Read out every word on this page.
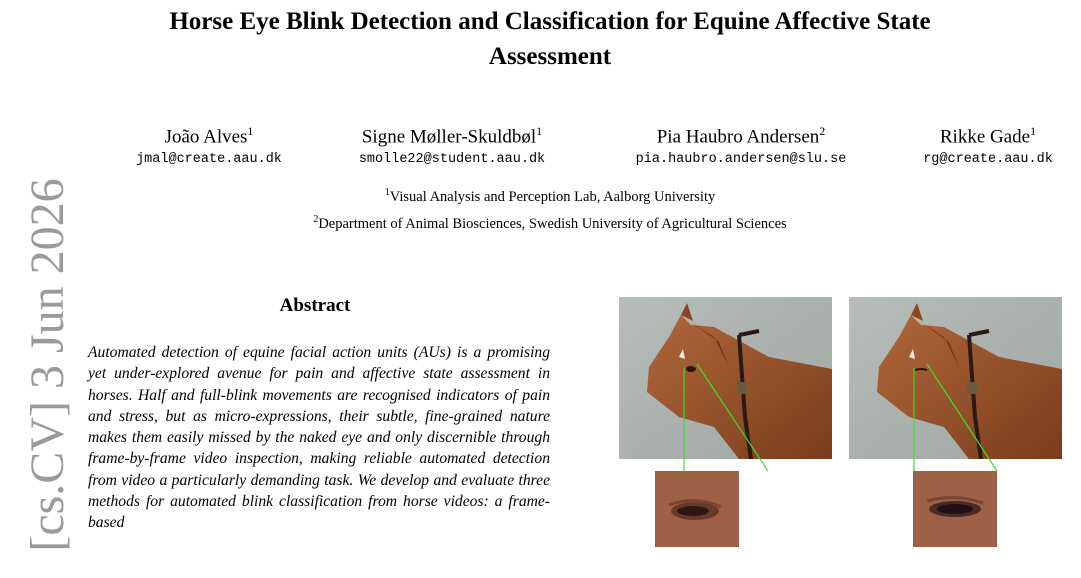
[cs.CV] 3 Jun 2026
Horse Eye Blink Detection and Classification for Equine Affective State Assessment
João Alves$^1$
jmal@create.aau.dk
Signe Møller-Skuldbøl$^1$
smolle22@student.aau.dk
Pia Haubro Andersen$^2$
pia.haubro.andersen@slu.se
Rikke Gade$^1$
rg@create.aau.dk
$^1$Visual Analysis and Perception Lab, Aalborg University
$^2$Department of Animal Biosciences, Swedish University of Agricultural Sciences
Abstract
Automated detection of equine facial action units (AUs) is a promising yet under-explored avenue for pain and affective state assessment in horses. Half and full-blink movements are recognised indicators of pain and stress, but as micro-expressions, their subtle, fine-grained nature makes them easily missed by the naked eye and only discernible through frame-by-frame video inspection, making reliable automated detection from video a particularly demanding task. We develop and evaluate three methods for automated blink classification from horse videos: a frame-based
